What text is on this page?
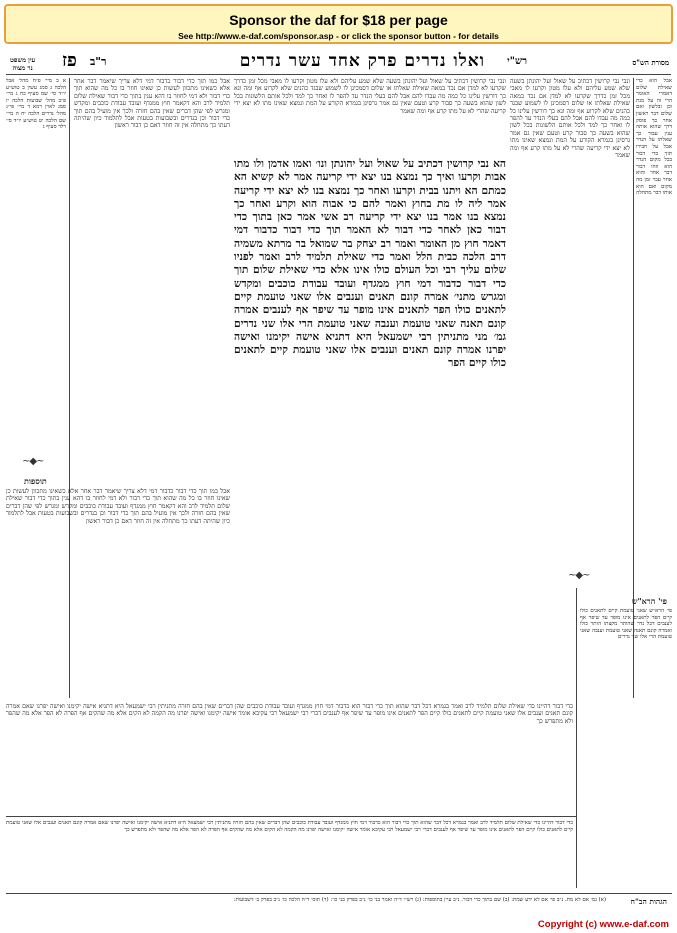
Sponsor the daf for $18 per page
See http://www.e-daf.com/sponsor.asp - or click the sponsor button - for details
מסורת הש"ס
רש"י
ואלו נדרים פרק אחד עשר נדרים
ר"ב
פז
עין משפט
נר מצוה
א ב מיי׳ פ״ח מהל׳ אבל הלכה ג סמג עשין ב טוש״ע יו״ד סי׳ שמ סעיף כח ג מיי׳ פ״ב מהל׳ שבועות הלכה יז סמג לאוין רמא ד מיי׳ פי״ג מהל׳ נדרים הלכה יח ה מיי׳ שם הלכה יט טוש״ע יו״ד סי׳ רלד סעיף ג
אבל כמו תוך כדי דבור כדבור דמי דלא צריך שיאמר דבר אחר אלא כשאינו מתכוון לעשות כן שאינו חוזר בו כל מה שהוא תוך כדי דבור ולא דמי לחוזר בו דהא ענין בתוך כדי דבור שאילת שלום תלמיד לרב והא דקאמר חוץ ממגדף ועובד עבודת כוכבים ומקדש ומגרש לפי שהן דברים שאין בהם חזרה ולכך אין מועיל בהם תוך כדי דבור וכן בנדרים ובשבועות בטעות אבל לתלמוד כיון שהיתה דעתו כך מתחלה אין זה חוזר דאם כן דבור ראשון
~◆~
תוספות
אבל כמו תוך כדי דבור כדבור דמי דלא צריך שיאמר דבר אחר אלא כשאינו מתכוון לעשות כן שאינו חוזר בו כל מה שהוא תוך כדי דבור ולא דמי לחוזר בו דהא ענין בתוך כדי דבור שאילת שלום תלמיד לרב והא דקאמר חוץ ממגדף ועובד עבודת כוכבים ומקדש ומגרש לפי שהן דברים שאין בהם חזרה ולכך אין מועיל בהם תוך כדי דבור וכן בנדרים ובשבועות בטעות אבל לתלמוד כיון שהיתה דעתו כך מתחלה אין זה חוזר דאם כן דבור ראשון
הא נבי קרושין דכתיב על שאול ועל יהונתן ונו׳ ואמו אדמן ולו מתו אבות וקרעו ואיך כך נמצא בנו יצא ידי קריעה אמר לא קשיא הא כמתם הא ויתנו בבית וקרעו ואחר כך נמצא בנו לא יצא ידי קריעה אמר ליה לו מת בחוץ ואמר להם כי אבוה הוא וקרע ואחר כך נמצא בנו אמר בנו יצא ידי קריעה רב אשי אמר כאן בתוך כדי דבור כאן לאחר כדי דבור לא האמר תוך כדי דבור כדבור דמי דאמר חוץ מן האומר ואמר רב יצחק בר שמואל בר מרתא משמיה דרב הלכה כבית הלל ואמר כדי שאילת תלמיד לרב ואמר לפניו שלום עליך רבי וכל העולם כולו אינו אלא כדי שאילת שלום תוך כדי דבור כדבור דמי חוץ ממגדף ועובד עבודת כוכבים ומקדש ומגרש מתני׳ אמרה קונם תאנים וענבים אלו שאני טועמת קיים לתאנים כולו הפר לתאנים אינו מופר עד שיפר אף לענבים אמרה קונם תאנה שאני טועמת וענבה שאני טועמת הרי אלו שני נדרים גמ׳ מני מתניתין רבי ישמעאל היא דתניא אישה יקימנו ואישה יפרנו אמרה קונם תאנים וענבים אלו שאני טועמת קיים לתאנים כולו קיים הפר
ונבי נבי קרושין דכתיב על שאול ועל יהונתן בשעה שלא שמע עליהם ולא עלו מטון וקרעו לו מאבי מכל זמן כדרך שקרעו לא למדן אם נכד במאה שאילת שאלתו או שלום דסמכינן לו לשמוע שבגד כהנים שלא לקרוע אף ומה ונא כך דורשין עלינו כל כמה מה עבדו להם אבל להם בעלי הנדר עד להפר לו ואחר כך למד ולכל אותם הלשונות בכל לשון שהוא בשעה כך סבור קרע וטעם שאין גם אמר גרסינן בגמרא הקורע על המת ונמצא שאינו מתו לא יצא ידי קריעה שהרי לא על מתו קרע אף ומה שאמר
ונבי נבי קרושין דכתיב על שאול ועל יהונתן בשעה שלא שמע עליהם ולא עלו מטון וקרעו לו מאבי מכל זמן כדרך שקרעו לא למדן אם נכד במאה שאילת שאלתו או שלום דסמכינן לו לשמוע שבגד כהנים שלא לקרוע אף ומה ונא כך דורשין עלינו כל כמה מה עבדו להם אבל להם בעלי הנדר עד להפר לו ואחר כך למד ולכל אותם הלשונות בכל לשון שהוא בשעה כך סבור קרע וטעם שאין גם אמר גרסינן בגמרא הקורע על המת ונמצא שאינו מתו לא יצא ידי קריעה שהרי לא על מתו קרע אף ומה שאמר
אבל הוא כדי שאילת שלום דאמרי האומר הרי זה על מנת וכן ובלשון ואם שלום דבר ראשון אחר כך פוסק דרך שהוא אותה ענין עבור כך שאלתו על הנדר אבל על חבירו תוך כדי דבור בכל מקום הנדר הוא וזהו דבור דבר אחר והוא אחר עבר זמן מה מקום ואם הוא אותו דבר מתחלה
~◆~
כדי דבור דהיינו כדי שאילת שלום תלמיד לרב ואמר בגמרא דכל דבר שהוא תוך כדי דבור הוא כדבור דמי חוץ ממגדף ועובד עבודת כוכבים שהן דברים שאין בהם חזרה מתניתין רבי ישמעאל היא דתניא אישה יקימנו ואישה יפרנו שאם אמרה קונם תאנים וענבים אלו שאני טועמת קיים לתאנים כולו קיים הפר לתאנים אינו מופר עד שיפר אף לענבים דברי רבי ישמעאל רבי עקיבא אומר אישה יקימנו ואישה יפרנו מה הקמה לא הקים אלא מה שהקים אף הפרה לא הפר אלא מה שהפר ולא מתפרש כך
פי' הרא"ש
פי׳ הרא״ש שאני טועמת קיים לתאנים כולו קיים הפר לתאנים אינו מופר עד שיפר אף לענבים דכל נדר שהותר מקצתו הותר כולו ואמרה קונם תאנה שאני טועמת וענבה שאני טועמת הרי אלו שני נדרים
כדי דבור דהיינו כדי שאילת שלום תלמיד לרב ואמר בגמרא דכל דבר שהוא תוך כדי דבור הוא כדבור דמי חוץ ממגדף ועובד עבודת כוכבים שהן דברים שאין בהם חזרה מתניתין רבי ישמעאל היא דתניא אישה יקימנו ואישה יפרנו שאם אמרה קונם תאנים וענבים אלו שאני טועמת קיים לתאנים כולו קיים הפר לתאנים אינו מופר עד שיפר אף לענבים דברי רבי ישמעאל רבי עקיבא אומר אישה יקימנו ואישה יפרנו מה הקמה לא הקים אלא מה שהקים אף הפרה לא הפר אלא מה שהפר ולא מתפרש כך
הגהות הב"ח
(א) גמ׳ אם לא מת. נ״ב פי׳ אם לא ידע שמת: (ב) שם בתוך כדי דבור. נ״ב עיין בתוספות: (ג) רש״י ד״ה ואמר בני כו׳ נ״ב בפרק בני כו׳: (ד) תוס׳ ד״ה הלכה כו׳ נ״ב בפרק ב׳ דשבועות:
Copyright (c) www.e-daf.com
